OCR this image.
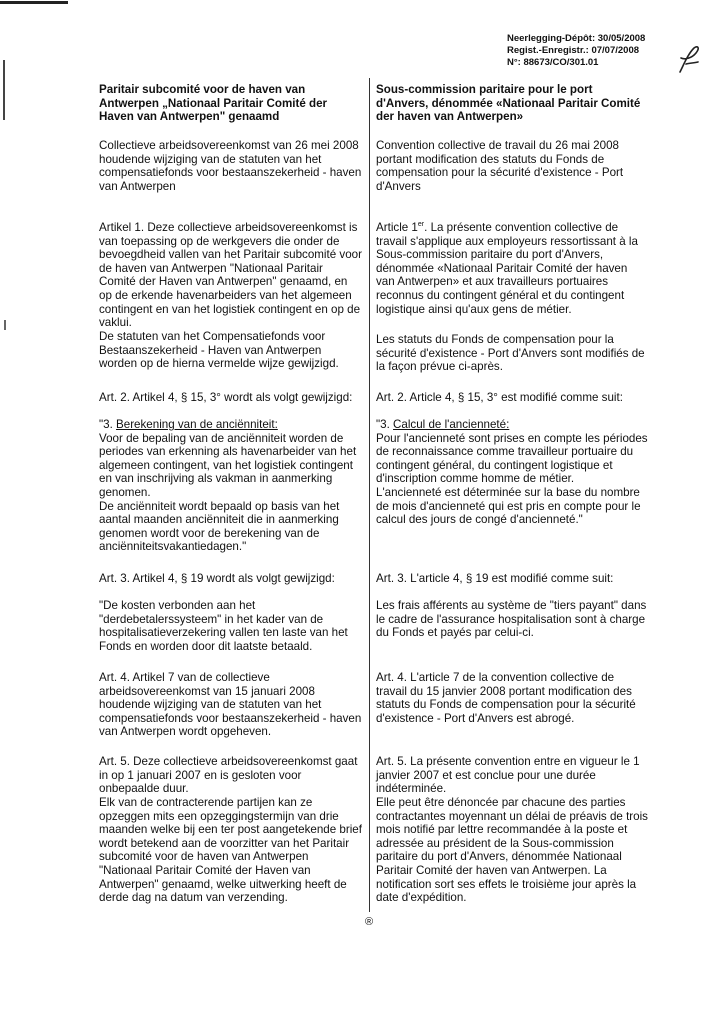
Neerlegging-Dépôt: 30/05/2008
Regist.-Enregistr.: 07/07/2008
N°: 88673/CO/301.01
Paritair subcomité voor de haven van Antwerpen „Nationaal Paritair Comité der Haven van Antwerpen" genaamd
Collectieve arbeidsovereenkomst van 26 mei 2008 houdende wijziging van de statuten van het compensatiefonds voor bestaanszekerheid - haven van Antwerpen
Artikel 1. Deze collectieve arbeidsovereenkomst is van toepassing op de werkgevers die onder de bevoegdheid vallen van het Paritair subcomité voor de haven van Antwerpen "Nationaal Paritair Comité der Haven van Antwerpen" genaamd, en op de erkende havenarbeiders van het algemeen contingent en van het logistiek contingent en op de vaklui.
De statuten van het Compensatiefonds voor Bestaanszekerheid - Haven van Antwerpen worden op de hierna vermelde wijze gewijzigd.
Art. 2. Artikel 4, § 15, 3° wordt als volgt gewijzigd:

"3. Berekening van de anciënniteit:

Voor de bepaling van de anciënniteit worden de periodes van erkenning als havenarbeider van het algemeen contingent, van het logistiek contingent en van inschrijving als vakman in aanmerking genomen.

De anciënniteit wordt bepaald op basis van het aantal maanden anciënniteit die in aanmerking genomen wordt voor de berekening van de anciënniteitsvakantiedagen."

Art. 3. Artikel 4, § 19 wordt als volgt gewijzigd:
"De kosten verbonden aan het "derdebetalerssysteem" in het kader van de hospitalisatieverzekering vallen ten laste van het Fonds en worden door dit laatste betaald.
Art. 4. Artikel 7 van de collectieve arbeidsovereenkomst van 15 januari 2008 houdende wijziging van de statuten van het compensatiefonds voor bestaanszekerheid - haven van Antwerpen wordt opgeheven.
Art. 5. Deze collectieve arbeidsovereenkomst gaat in op 1 januari 2007 en is gesloten voor onbepaalde duur.
Elk van de contracterende partijen kan ze opzeggen mits een opzeggingstermijn van drie maanden welke bij een ter post aangetekende brief wordt betekend aan de voorzitter van het Paritair subcomité voor de haven van Antwerpen "Nationaal Paritair Comité der Haven van Antwerpen" genaamd, welke uitwerking heeft de derde dag na datum van verzending.
Sous-commission paritaire pour le port d'Anvers, dénommée «Nationaal Paritair Comité der haven van Antwerpen»
Convention collective de travail du 26 mai 2008 portant modification des statuts du Fonds de compensation pour la sécurité d'existence - Port d'Anvers
Article 1er. La présente convention collective de travail s'applique aux employeurs ressortissant à la Sous-commission paritaire du port d'Anvers, dénommée «Nationaal Paritair Comité der haven van Antwerpen» et aux travailleurs portuaires reconnus du contingent général et du contingent logistique ainsi qu'aux gens de métier.
Les statuts du Fonds de compensation pour la sécurité d'existence - Port d'Anvers sont modifiés de la façon prévue ci-après.
Art. 2. Article 4, § 15, 3° est modifié comme suit:

"3. Calcul de l'ancienneté:

Pour l'ancienneté sont prises en compte les périodes de reconnaissance comme travailleur portuaire du contingent général, du contingent logistique et d'inscription comme homme de métier.

L'ancienneté est déterminée sur la base du nombre de mois d'ancienneté qui est pris en compte pour le calcul des jours de congé d'ancienneté."

Art. 3. L'article 4, § 19 est modifié comme suit:
Les frais afférents au système de "tiers payant" dans le cadre de l'assurance hospitalisation sont à charge du Fonds et payés par celui-ci.
Art. 4. L'article 7 de la convention collective de travail du 15 janvier 2008 portant modification des statuts du Fonds de compensation pour la sécurité d'existence - Port d'Anvers est abrogé.
Art. 5. La présente convention entre en vigueur le 1 janvier 2007 et est conclue pour une durée indéterminée.
Elle peut être dénoncée par chacune des parties contractantes moyennant un délai de préavis de trois mois notifié par lettre recommandée à la poste et adressée au président de la Sous-commission paritaire du port d'Anvers, dénommée Nationaal Paritair Comité der haven van Antwerpen. La notification sort ses effets le troisième jour après la date d'expédition.
®
